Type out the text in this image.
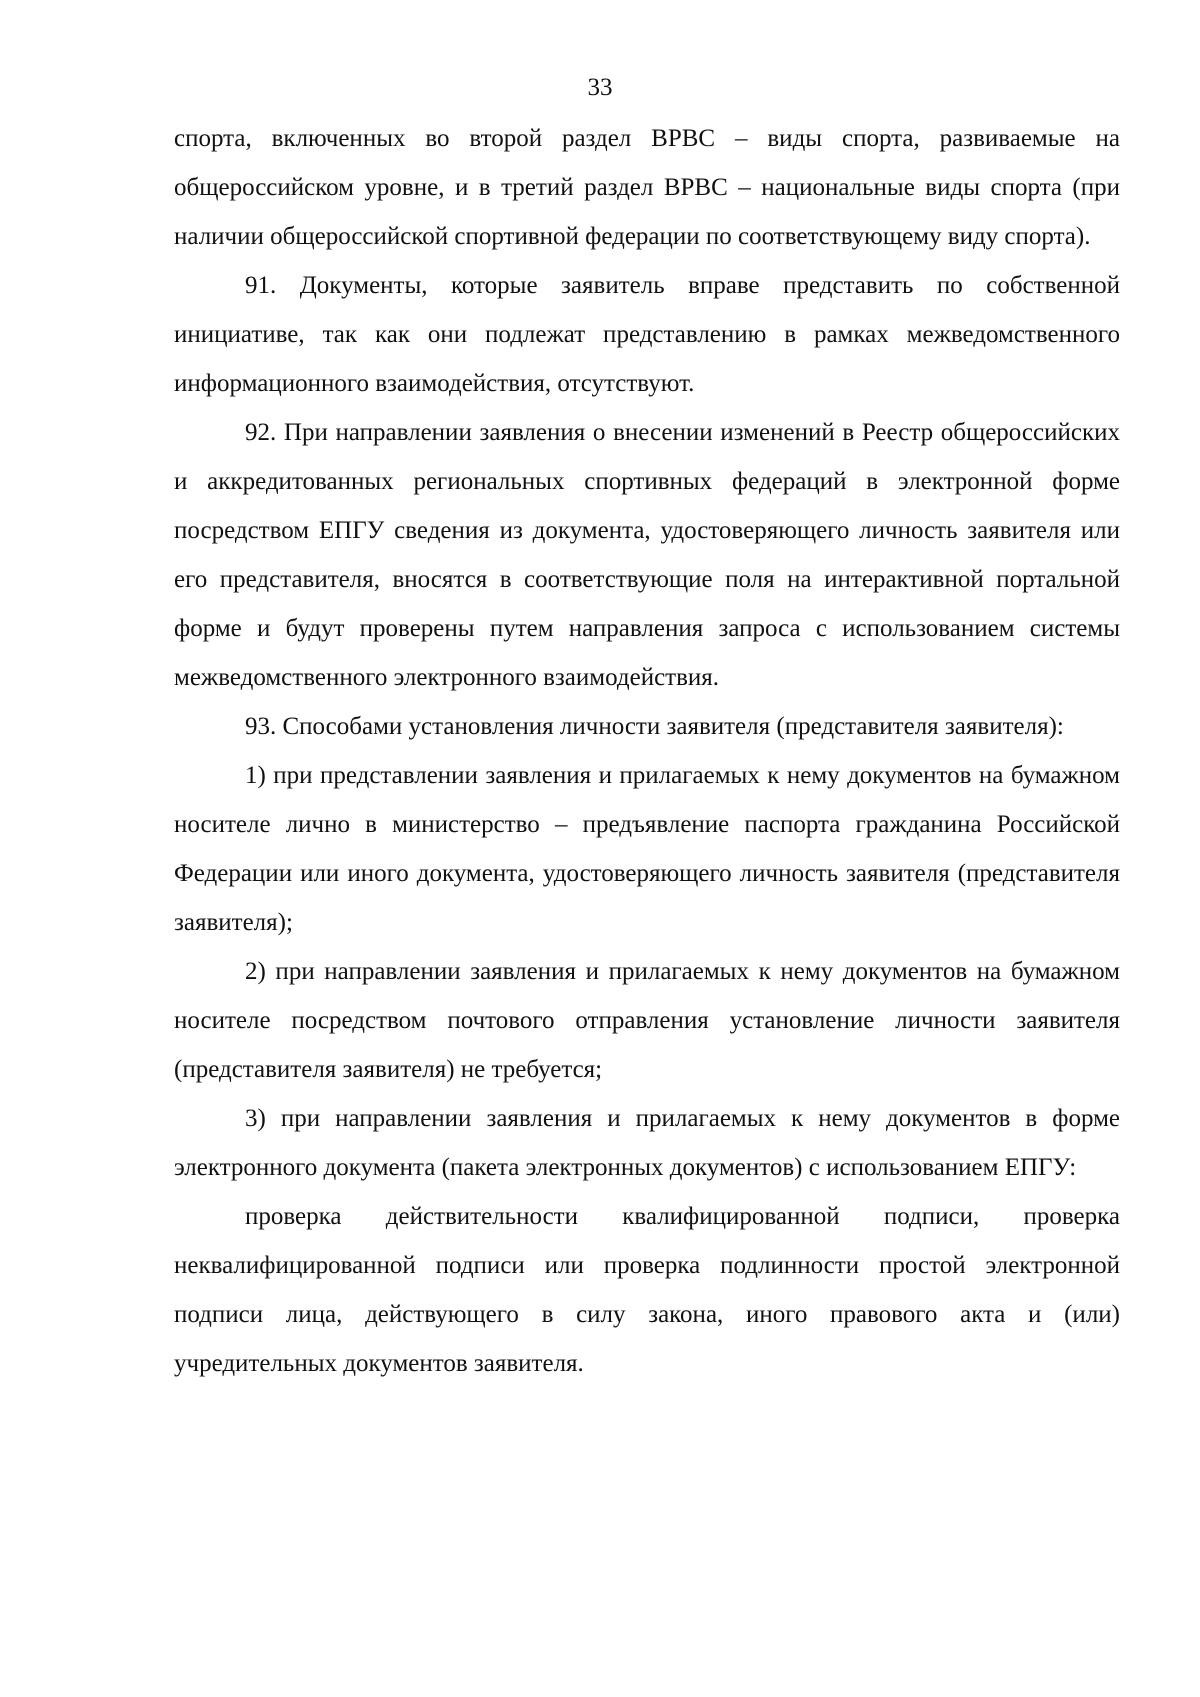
33

спорта, включенных во второй раздел ВРВС – виды спорта, развиваемые на общероссийском уровне, и в третий раздел ВРВС – национальные виды спорта (при наличии общероссийской спортивной федерации по соответствующему виду спорта).

91. Документы, которые заявитель вправе представить по собственной инициативе, так как они подлежат представлению в рамках межведомственного информационного взаимодействия, отсутствуют.

92. При направлении заявления о внесении изменений в Реестр общероссийских и аккредитованных региональных спортивных федераций в электронной форме посредством ЕПГУ сведения из документа, удостоверяющего личность заявителя или его представителя, вносятся в соответствующие поля на интерактивной портальной форме и будут проверены путем направления запроса с использованием системы межведомственного электронного взаимодействия.

93. Способами установления личности заявителя (представителя заявителя):

1) при представлении заявления и прилагаемых к нему документов на бумажном носителе лично в министерство – предъявление паспорта гражданина Российской Федерации или иного документа, удостоверяющего личность заявителя (представителя заявителя);

2) при направлении заявления и прилагаемых к нему документов на бумажном носителе посредством почтового отправления установление личности заявителя (представителя заявителя) не требуется;

3) при направлении заявления и прилагаемых к нему документов в форме электронного документа (пакета электронных документов) с использованием ЕПГУ:

проверка действительности квалифицированной подписи, проверка неквалифицированной подписи или проверка подлинности простой электронной подписи лица, действующего в силу закона, иного правового акта и (или) учредительных документов заявителя.
